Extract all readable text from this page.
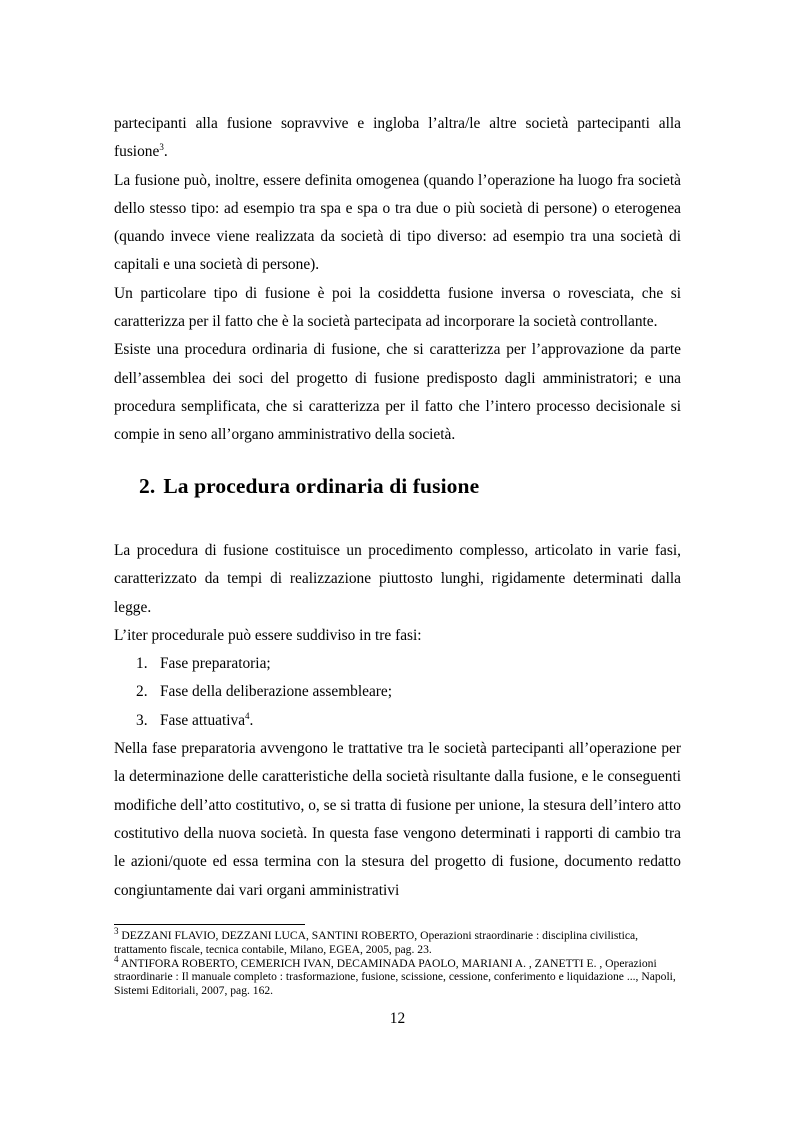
partecipanti alla fusione sopravvive e ingloba l’altra/le altre società partecipanti alla fusione$^3$.

La fusione può, inoltre, essere definita omogenea (quando l’operazione ha luogo fra società dello stesso tipo: ad esempio tra spa e spa o tra due o più società di persone) o eterogenea (quando invece viene realizzata da società di tipo diverso: ad esempio tra una società di capitali e una società di persone).

Un particolare tipo di fusione è poi la cosiddetta fusione inversa o rovesciata, che si caratterizza per il fatto che è la società partecipata ad incorporare la società controllante.

Esiste una procedura ordinaria di fusione, che si caratterizza per l’approvazione da parte dell’assemblea dei soci del progetto di fusione predisposto dagli amministratori; e una procedura semplificata, che si caratterizza per il fatto che l’intero processo decisionale si compie in seno all’organo amministrativo della società.

2. La procedura ordinaria di fusione

La procedura di fusione costituisce un procedimento complesso, articolato in varie fasi, caratterizzato da tempi di realizzazione piuttosto lunghi, rigidamente determinati dalla legge.

L’iter procedurale può essere suddiviso in tre fasi:

1. Fase preparatoria;
2. Fase della deliberazione assembleare;
3. Fase attuativa$^4$.

Nella fase preparatoria avvengono le trattative tra le società partecipanti all’operazione per la determinazione delle caratteristiche della società risultante dalla fusione, e le conseguenti modifiche dell’atto costitutivo, o, se si tratta di fusione per unione, la stesura dell’intero atto costitutivo della nuova società. In questa fase vengono determinati i rapporti di cambio tra le azioni/quote ed essa termina con la stesura del progetto di fusione, documento redatto congiuntamente dai vari organi amministrativi

$^3$ DEZZANI FLAVIO, DEZZANI LUCA, SANTINI ROBERTO, Operazioni straordinarie : disciplina civilistica, trattamento fiscale, tecnica contabile, Milano, EGEA, 2005, pag. 23.

$^4$ ANTIFORA ROBERTO, CEMERICH IVAN, DECAMINADA PAOLO, MARIANI A. , ZANETTI E. , Operazioni straordinarie : Il manuale completo : trasformazione, fusione, scissione, cessione, conferimento e liquidazione ..., Napoli, Sistemi Editoriali, 2007, pag. 162.

12
